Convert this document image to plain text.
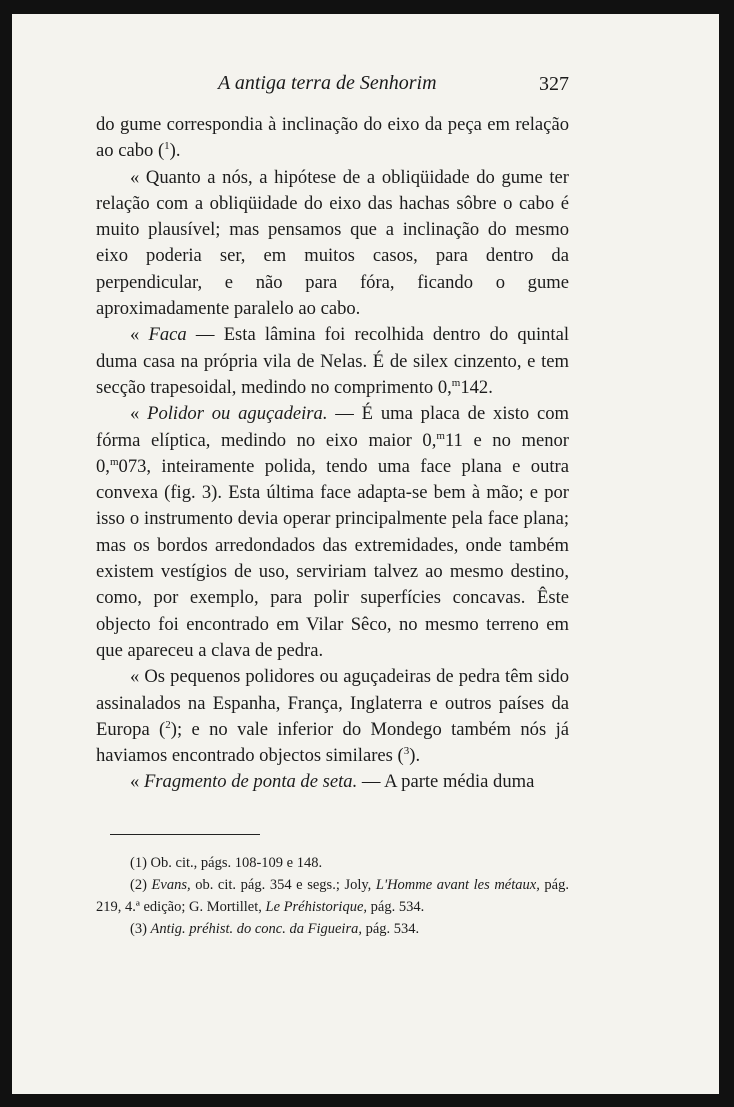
A antiga terra de Senhorim	327

do gume correspondia à inclinação do eixo da peça em relação ao cabo ($^1$).

« Quanto a nós, a hipótese de a obliqüidade do gume ter relação com a obliqüidade do eixo das hachas sôbre o cabo é muito plausível; mas pensamos que a inclinação do mesmo eixo poderia ser, em muitos casos, para dentro da perpendicular, e não para fóra, ficando o gume aproximadamente paralelo ao cabo.

« Faca — Esta lâmina foi recolhida dentro do quintal duma casa na própria vila de Nelas. É de silex cinzento, e tem secção trapesoidal, medindo no comprimento 0,$^m$142.

« Polidor ou aguçadeira. — É uma placa de xisto com fórma elíptica, medindo no eixo maior 0,$^m$11 e no menor 0,$^m$073, inteiramente polida, tendo uma face plana e outra convexa (fig. 3). Esta última face adapta-se bem à mão; e por isso o instrumento devia operar principalmente pela face plana; mas os bordos arredondados das extremidades, onde também existem vestígios de uso, serviriam talvez ao mesmo destino, como, por exemplo, para polir superfícies concavas. Êste objecto foi encontrado em Vilar Sêco, no mesmo terreno em que apareceu a clava de pedra.

« Os pequenos polidores ou aguçadeiras de pedra têm sido assinalados na Espanha, França, Inglaterra e outros países da Europa ($^2$); e no vale inferior do Mondego também nós já haviamos encontrado objectos similares ($^3$).

« Fragmento de ponta de seta. — A parte média duma

(1) Ob. cit., págs. 108-109 e 148.

(2) Evans, ob. cit. pág. 354 e segs.; Joly, L'Homme avant les métaux, pág. 219, 4.ª edição; G. Mortillet, Le Préhistorique, pág. 534.

(3) Antig. préhist. do conc. da Figueira, pág. 534.
